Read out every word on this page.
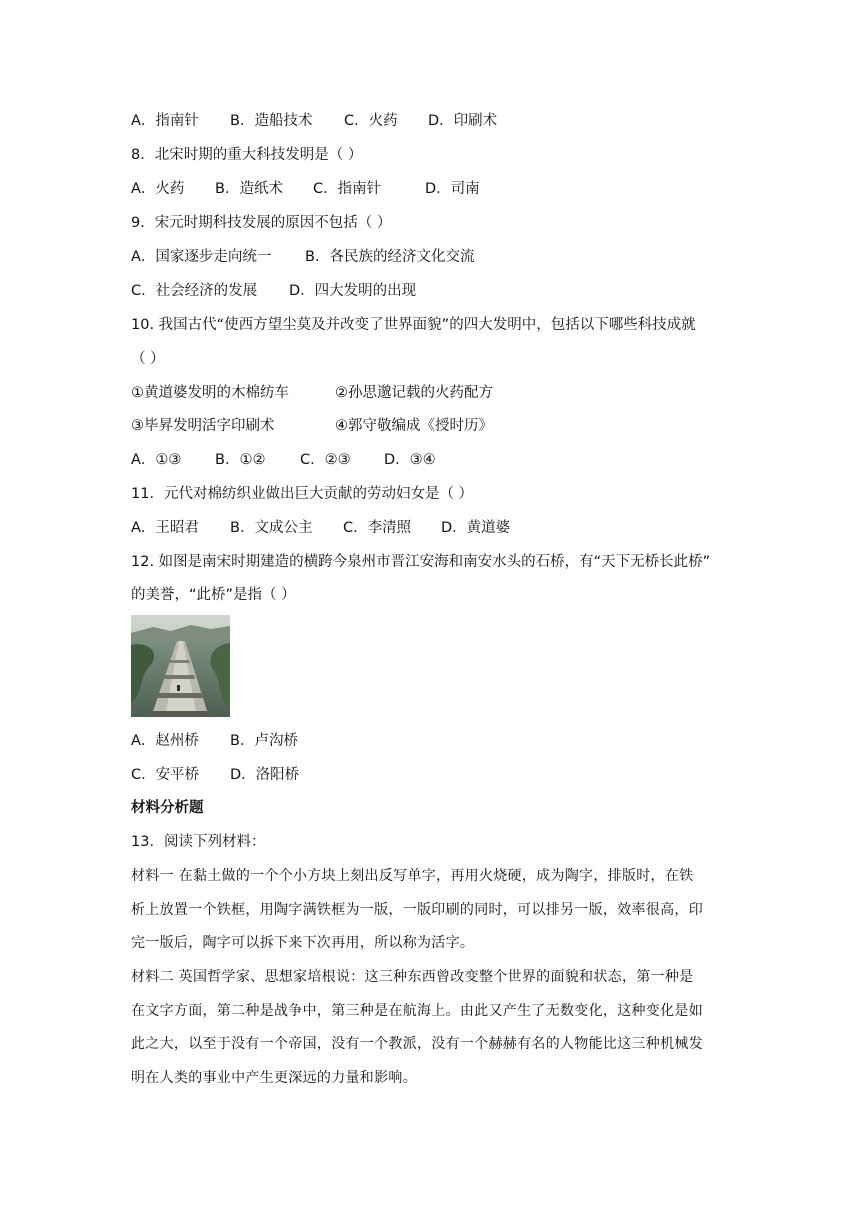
A．指南针 B．造船技术 C．火药 D．印刷术
8．北宋时期的重大科技发明是（ ）
A．火药 B．造纸术 C．指南针	D．司南
9．宋元时期科技发展的原因不包括（ ）
A．国家逐步走向统一 B．各民族的经济文化交流
C．社会经济的发展 D．四大发明的出现
10. 我国古代“使西方望尘莫及并改变了世界面貌”的四大发明中，包括以下哪些科技成就
（ ）
①黄道婆发明的木棉纺车	②孙思邈记载的火药配方
③毕昇发明活字印刷术	④郭守敬编成《授时历》
A．①③ B．①② C．②③ D．③④
11．元代对棉纺织业做出巨大贡献的劳动妇女是（ ）
A．王昭君 B．文成公主 C．李清照 D．黄道婆
12. 如图是南宋时期建造的横跨今泉州市晋江安海和南安水头的石桥，有“天下无桥长此桥”
的美誉，“此桥”是指（ ）
A．赵州桥 B．卢沟桥
C．安平桥 D．洛阳桥
材料分析题
13．阅读下列材料：
材料一 在黏土做的一个个小方块上刻出反写单字，再用火烧硬，成为陶字，排版时，在铁
析上放置一个铁框，用陶字满铁框为一版，一版印刷的同时，可以排另一版，效率很高，印
完一版后，陶字可以拆下来下次再用，所以称为活字。
材料二 英国哲学家、思想家培根说：这三种东西曾改变整个世界的面貌和状态，第一种是
在文字方面，第二种是战争中，第三种是在航海上。由此又产生了无数变化，这种变化是如
此之大，以至于没有一个帝国，没有一个教派，没有一个赫赫有名的人物能比这三种机械发
明在人类的事业中产生更深远的力量和影响。
